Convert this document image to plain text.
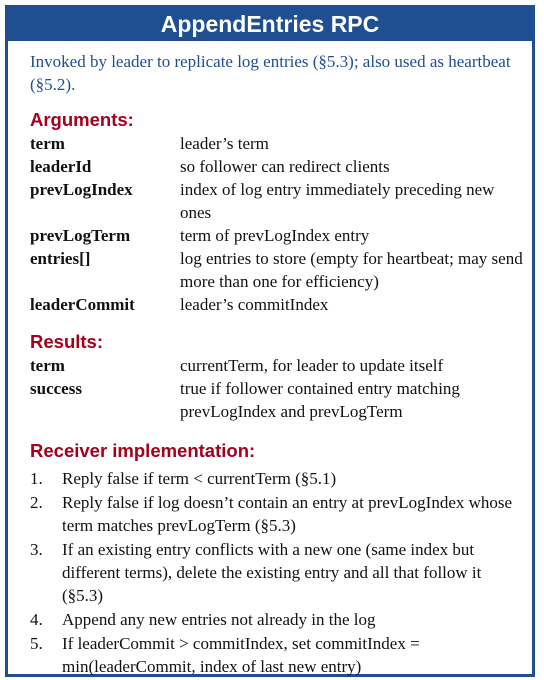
AppendEntries RPC
Invoked by leader to replicate log entries (§5.3); also used as heartbeat (§5.2).
Arguments:
term	leader’s term
leaderId	so follower can redirect clients
prevLogIndex	index of log entry immediately preceding new ones
prevLogTerm	term of prevLogIndex entry
entries[]	log entries to store (empty for heartbeat; may send more than one for efficiency)
leaderCommit	leader’s commitIndex
Results:
term	currentTerm, for leader to update itself
success	true if follower contained entry matching prevLogIndex and prevLogTerm
Receiver implementation:
1. Reply false if term < currentTerm (§5.1)
2. Reply false if log doesn’t contain an entry at prevLogIndex whose term matches prevLogTerm (§5.3)
3. If an existing entry conflicts with a new one (same index but different terms), delete the existing entry and all that follow it (§5.3)
4. Append any new entries not already in the log
5. If leaderCommit > commitIndex, set commitIndex = min(leaderCommit, index of last new entry)
